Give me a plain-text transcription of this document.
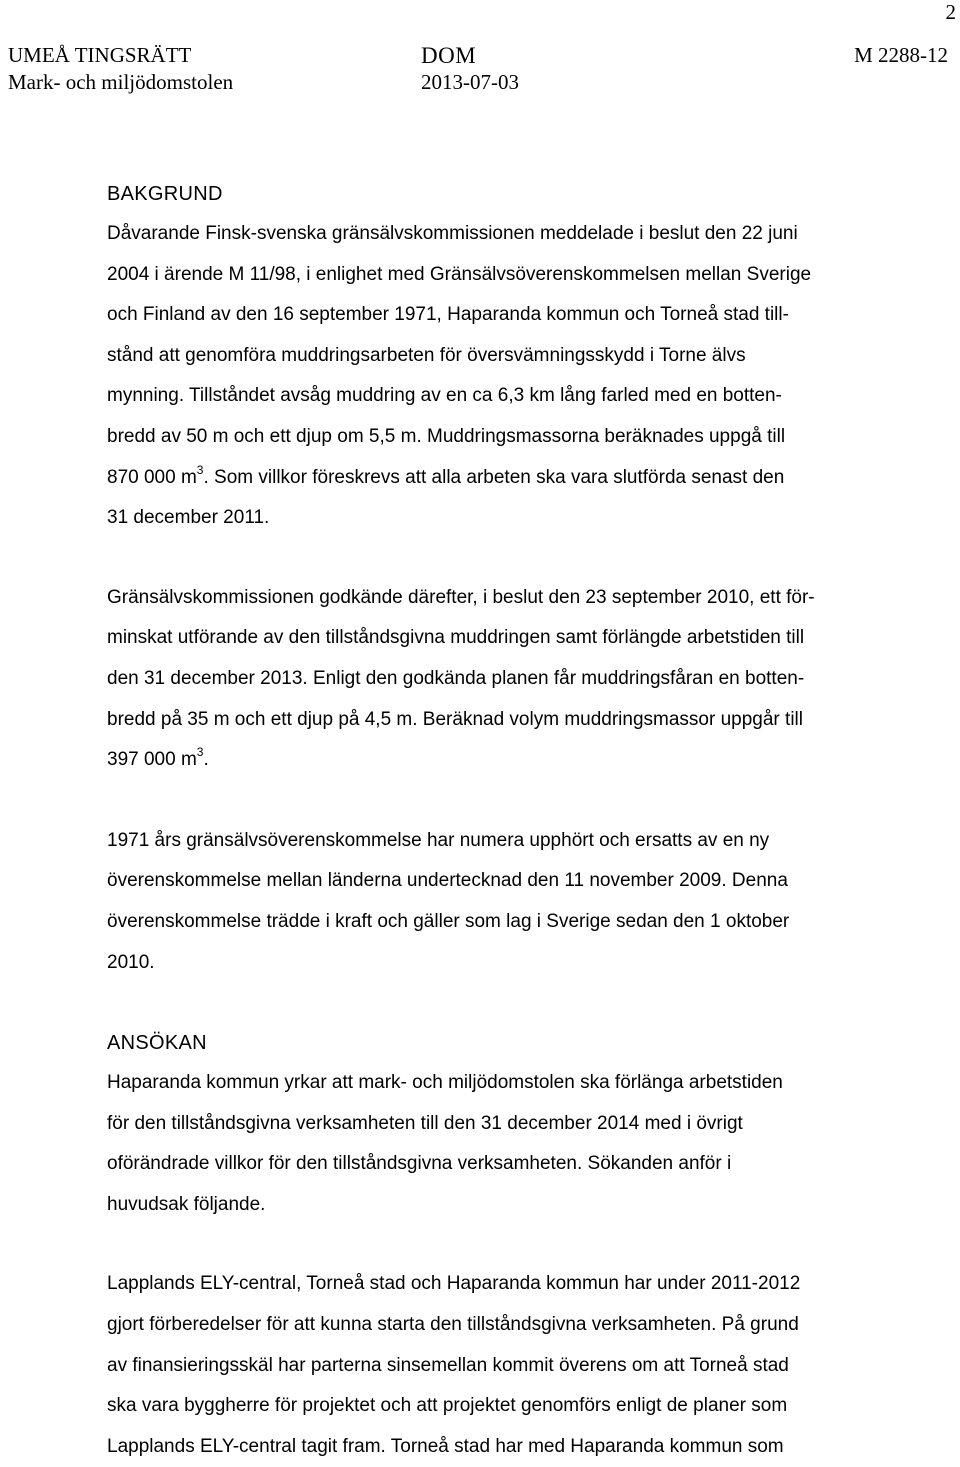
2
UMEÅ TINGSRÄTT
Mark- och miljödomstolen
DOM
2013-07-03
M 2288-12
BAKGRUND
Dåvarande Finsk-svenska gränsälvskommissionen meddelade i beslut den 22 juni
2004 i ärende M 11/98, i enlighet med Gränsälvsöverenskommelsen mellan Sverige
och Finland av den 16 september 1971, Haparanda kommun och Torneå stad till-
stånd att genomföra muddringsarbeten för översvämningsskydd i Torne älvs
mynning. Tillståndet avsåg muddring av en ca 6,3 km lång farled med en botten-
bredd av 50 m och ett djup om 5,5 m. Muddringsmassorna beräknades uppgå till
870 000 $m^3$. Som villkor föreskrevs att alla arbeten ska vara slutförda senast den
31 december 2011.
Gränsälvskommissionen godkände därefter, i beslut den 23 september 2010, ett för-
minskat utförande av den tillståndsgivna muddringen samt förlängde arbetstiden till
den 31 december 2013. Enligt den godkända planen får muddringsfåran en botten-
bredd på 35 m och ett djup på 4,5 m. Beräknad volym muddringsmassor uppgår till
397 000 $m^3$.
1971 års gränsälvsöverenskommelse har numera upphört och ersatts av en ny
överenskommelse mellan länderna undertecknad den 11 november 2009. Denna
överenskommelse trädde i kraft och gäller som lag i Sverige sedan den 1 oktober
2010.
ANSÖKAN
Haparanda kommun yrkar att mark- och miljödomstolen ska förlänga arbetstiden
för den tillståndsgivna verksamheten till den 31 december 2014 med i övrigt
oförändrade villkor för den tillståndsgivna verksamheten. Sökanden anför i
huvudsak följande.
Lapplands ELY-central, Torneå stad och Haparanda kommun har under 2011-2012
gjort förberedelser för att kunna starta den tillståndsgivna verksamheten. På grund
av finansieringsskäl har parterna sinsemellan kommit överens om att Torneå stad
ska vara byggherre för projektet och att projektet genomförs enligt de planer som
Lapplands ELY-central tagit fram. Torneå stad har med Haparanda kommun som
